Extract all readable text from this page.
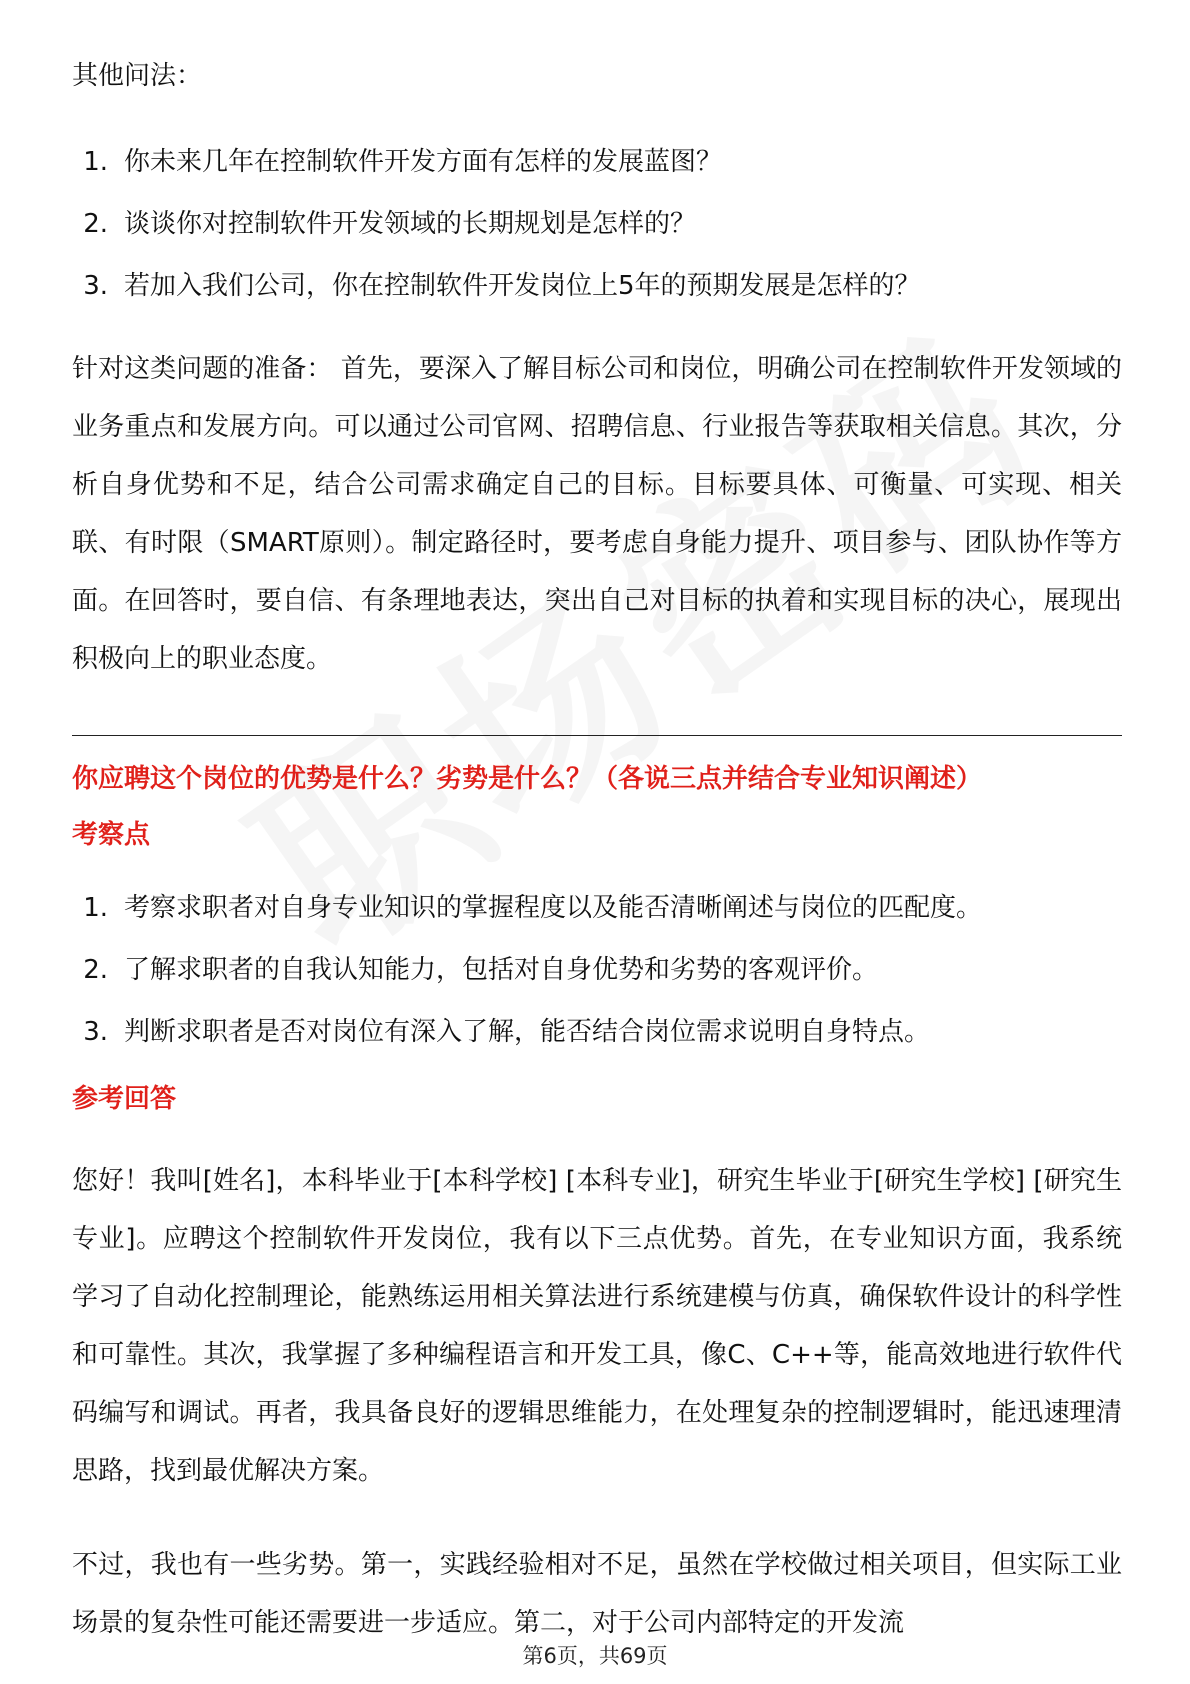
其他问法：
1. 你未来几年在控制软件开发方面有怎样的发展蓝图？
2. 谈谈你对控制软件开发领域的长期规划是怎样的？
3. 若加入我们公司，你在控制软件开发岗位上5年的预期发展是怎样的？
针对这类问题的准备： 首先，要深入了解目标公司和岗位，明确公司在控制软件开发领域的业务重点和发展方向。可以通过公司官网、招聘信息、行业报告等获取相关信息。其次，分析自身优势和不足，结合公司需求确定自己的目标。目标要具体、可衡量、可实现、相关联、有时限（SMART原则）。制定路径时，要考虑自身能力提升、项目参与、团队协作等方面。在回答时，要自信、有条理地表达，突出自己对目标的执着和实现目标的决心，展现出积极向上的职业态度。
你应聘这个岗位的优势是什么？劣势是什么？（各说三点并结合专业知识阐述）
考察点
1. 考察求职者对自身专业知识的掌握程度以及能否清晰阐述与岗位的匹配度。
2. 了解求职者的自我认知能力，包括对自身优势和劣势的客观评价。
3. 判断求职者是否对岗位有深入了解，能否结合岗位需求说明自身特点。
参考回答
您好！我叫[姓名]，本科毕业于[本科学校] [本科专业]，研究生毕业于[研究生学校] [研究生专业]。应聘这个控制软件开发岗位，我有以下三点优势。首先，在专业知识方面，我系统学习了自动化控制理论，能熟练运用相关算法进行系统建模与仿真，确保软件设计的科学性和可靠性。其次，我掌握了多种编程语言和开发工具，像C、C++等，能高效地进行软件代码编写和调试。再者，我具备良好的逻辑思维能力，在处理复杂的控制逻辑时，能迅速理清思路，找到最优解决方案。
不过，我也有一些劣势。第一，实践经验相对不足，虽然在学校做过相关项目，但实际工业场景的复杂性可能还需要进一步适应。第二，对于公司内部特定的开发流
第6页，共69页
